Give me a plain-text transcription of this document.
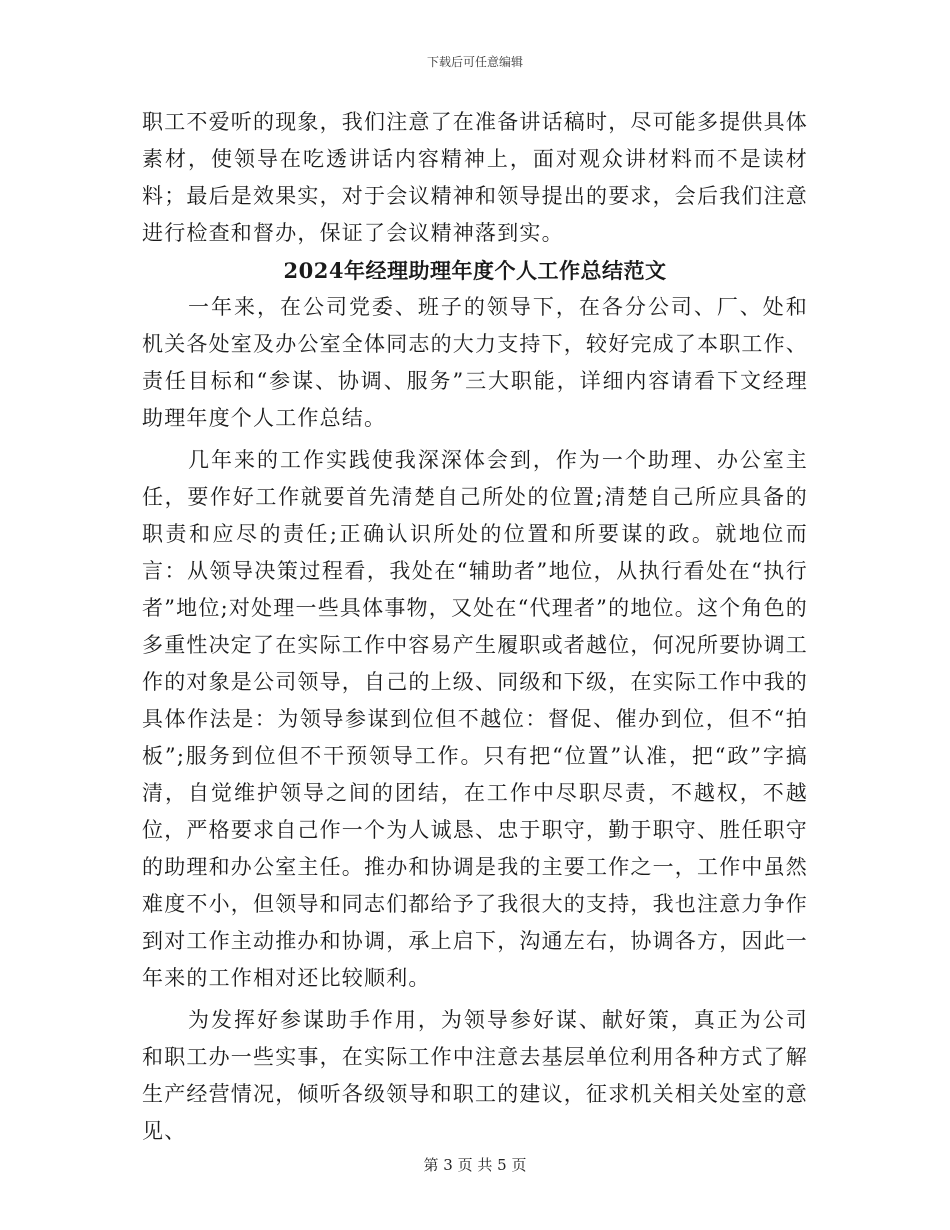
下载后可任意编辑

职工不爱听的现象，我们注意了在准备讲话稿时，尽可能多提供具体素材，使领导在吃透讲话内容精神上，面对观众讲材料而不是读材料；最后是效果实，对于会议精神和领导提出的要求，会后我们注意进行检查和督办，保证了会议精神落到实。

2024年经理助理年度个人工作总结范文

一年来，在公司党委、班子的领导下，在各分公司、厂、处和机关各处室及办公室全体同志的大力支持下，较好完成了本职工作、责任目标和“参谋、协调、服务”三大职能，详细内容请看下文经理助理年度个人工作总结。

几年来的工作实践使我深深体会到，作为一个助理、办公室主任，要作好工作就要首先清楚自己所处的位置;清楚自己所应具备的职责和应尽的责任;正确认识所处的位置和所要谋的政。就地位而言：从领导决策过程看，我处在“辅助者”地位，从执行看处在“执行者”地位;对处理一些具体事物，又处在“代理者”的地位。这个角色的多重性决定了在实际工作中容易产生履职或者越位，何况所要协调工作的对象是公司领导，自己的上级、同级和下级，在实际工作中我的具体作法是：为领导参谋到位但不越位：督促、催办到位，但不“拍板”;服务到位但不干预领导工作。只有把“位置”认准，把“政”字搞清，自觉维护领导之间的团结，在工作中尽职尽责，不越权，不越位，严格要求自己作一个为人诚恳、忠于职守，勤于职守、胜任职守的助理和办公室主任。推办和协调是我的主要工作之一，工作中虽然难度不小，但领导和同志们都给予了我很大的支持，我也注意力争作到对工作主动推办和协调，承上启下，沟通左右，协调各方，因此一年来的工作相对还比较顺利。

为发挥好参谋助手作用，为领导参好谋、献好策，真正为公司和职工办一些实事，在实际工作中注意去基层单位利用各种方式了解生产经营情况，倾听各级领导和职工的建议，征求机关相关处室的意见、

第 3 页 共 5 页
